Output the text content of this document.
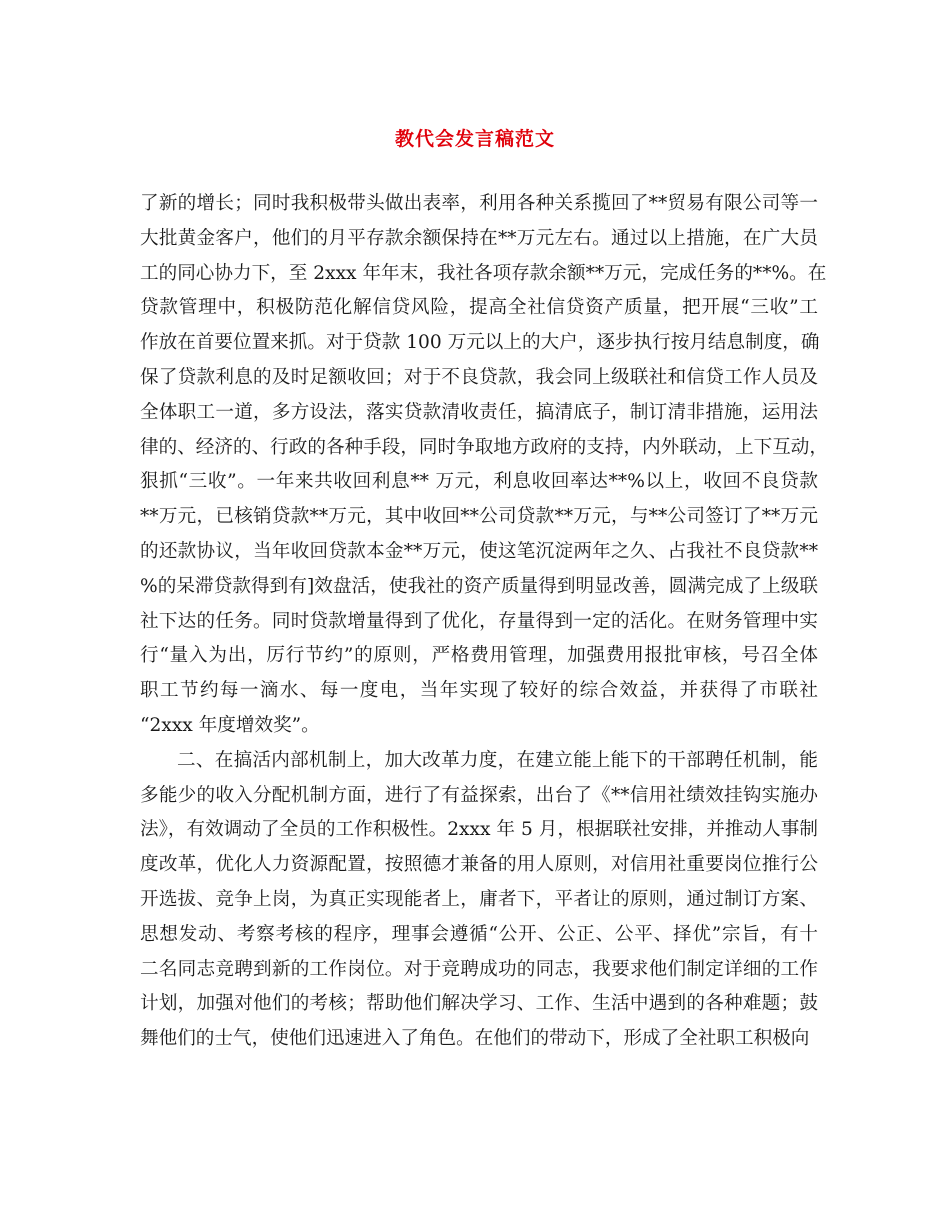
教代会发言稿范文

了新的增长；同时我积极带头做出表率，利用各种关系揽回了**贸易有限公司等一
大批黄金客户，他们的月平存款余额保持在**万元左右。通过以上措施，在广大员
工的同心协力下，至 2xxx 年年末，我社各项存款余额**万元，完成任务的**%。在
贷款管理中，积极防范化解信贷风险，提高全社信贷资产质量，把开展“三收”工
作放在首要位置来抓。对于贷款 100 万元以上的大户，逐步执行按月结息制度，确
保了贷款利息的及时足额收回；对于不良贷款，我会同上级联社和信贷工作人员及
全体职工一道，多方设法，落实贷款清收责任，搞清底子，制订清非措施，运用法
律的、经济的、行政的各种手段，同时争取地方政府的支持，内外联动，上下互动，
狠抓“三收”。一年来共收回利息** 万元，利息收回率达**%以上，收回不良贷款
**万元，已核销贷款**万元，其中收回**公司贷款**万元，与**公司签订了**万元
的还款协议，当年收回贷款本金**万元，使这笔沉淀两年之久、占我社不良贷款**
%的呆滞贷款得到有]效盘活，使我社的资产质量得到明显改善，圆满完成了上级联
社下达的任务。同时贷款增量得到了优化，存量得到一定的活化。在财务管理中实
行“量入为出，厉行节约”的原则，严格费用管理，加强费用报批审核，号召全体
职工节约每一滴水、每一度电，当年实现了较好的综合效益，并获得了市联社
“2xxx 年度增效奖”。

二、在搞活内部机制上，加大改革力度，在建立能上能下的干部聘任机制，能
多能少的收入分配机制方面，进行了有益探索，出台了《**信用社绩效挂钩实施办
法》，有效调动了全员的工作积极性。2xxx 年 5 月，根据联社安排，并推动人事制
度改革，优化人力资源配置，按照德才兼备的用人原则，对信用社重要岗位推行公
开选拔、竞争上岗，为真正实现能者上，庸者下，平者让的原则，通过制订方案、
思想发动、考察考核的程序，理事会遵循“公开、公正、公平、择优”宗旨，有十
二名同志竞聘到新的工作岗位。对于竞聘成功的同志，我要求他们制定详细的工作
计划，加强对他们的考核；帮助他们解决学习、工作、生活中遇到的各种难题；鼓
舞他们的士气，使他们迅速进入了角色。在他们的带动下，形成了全社职工积极向
